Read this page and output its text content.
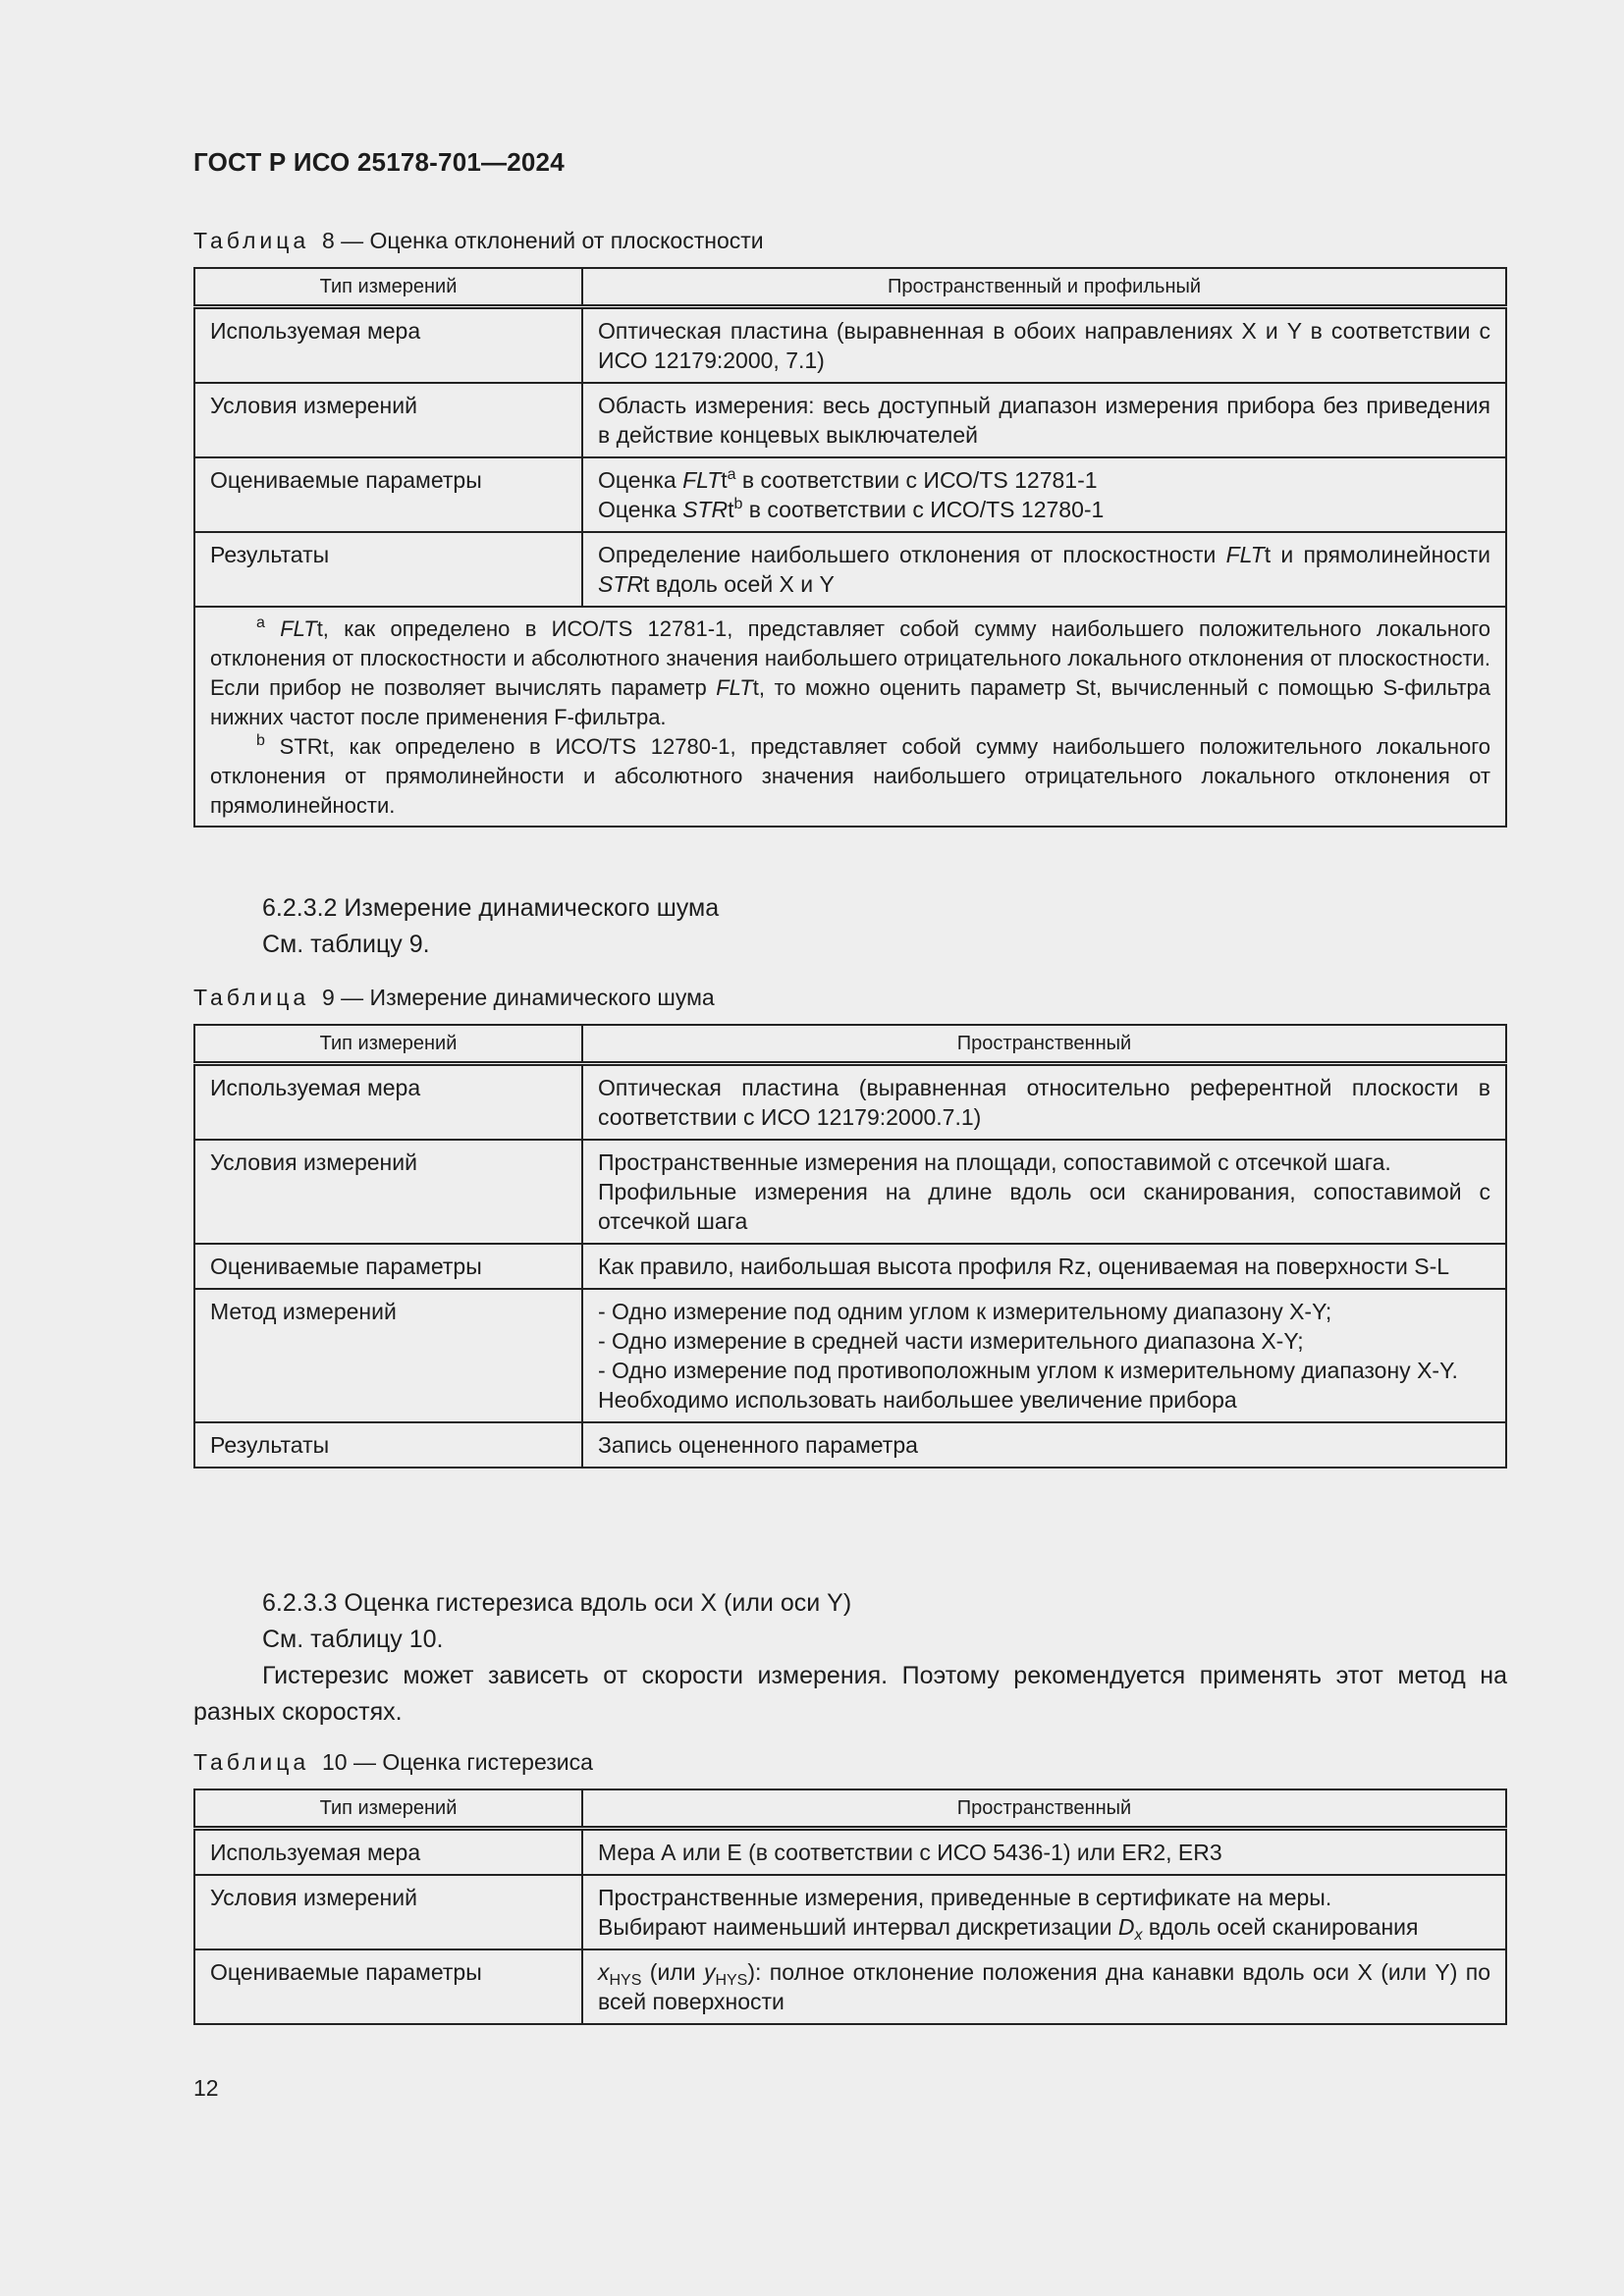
ГОСТ Р ИСО 25178-701—2024
Таблица 8 — Оценка отклонений от плоскостности
Тип измерений	Пространственный и профильный
Используемая мера	Оптическая пластина (выравненная в обоих направлениях X и Y в соответствии с ИСО 12179:2000, 7.1)
Условия измерений	Область измерения: весь доступный диапазон измерения прибора без приведения в действие концевых выключателей
Оцениваемые параметры	Оценка FLTt$^a$ в соответствии с ИСО/TS 12781-1
Оценка STRt$^b$ в соответствии с ИСО/TS 12780-1

Результаты	Определение наибольшего отклонения от плоскостности FLTt и прямолинейности STRt вдоль осей X и Y

$^a$ FLTt, как определено в ИСО/TS 12781-1, представляет собой сумму наибольшего положительного локального отклонения от плоскостности и абсолютного значения наибольшего отрицательного локального отклонения от плоскостности. Если прибор не позволяет вычислять параметр FLTt, то можно оценить параметр St, вычисленный с помощью S-фильтра нижних частот после применения F-фильтра.

$^b$ STRt, как определено в ИСО/TS 12780-1, представляет собой сумму наибольшего положительного локального отклонения от прямолинейности и абсолютного значения наибольшего отрицательного локального отклонения от прямолинейности.	

6.2.3.2 Измерение динамического шума
См. таблицу 9.
Таблица 9 — Измерение динамического шума
Тип измерений	Пространственный
Используемая мера	Оптическая пластина (выравненная относительно референтной плоскости в соответствии с ИСО 12179:2000.7.1)
Условия измерений	Пространственные измерения на площади, сопоставимой с отсечкой шага.
Профильные измерения на длине вдоль оси сканирования, сопоставимой с отсечкой шага

Оцениваемые параметры	Как правило, наибольшая высота профиля Rz, оцениваемая на поверхности S-L
Метод измерений	- Одно измерение под одним углом к измерительному диапазону X-Y;
- Одно измерение в средней части измерительного диапазона X-Y;
- Одно измерение под противоположным углом к измерительному диапазону X-Y.
Необходимо использовать наибольшее увеличение прибора

Результаты	Запись оцененного параметра
6.2.3.3 Оценка гистерезиса вдоль оси X (или оси Y)
См. таблицу 10.
Гистерезис может зависеть от скорости измерения. Поэтому рекомендуется применять этот метод на разных скоростях.
Таблица 10 — Оценка гистерезиса
Тип измерений	Пространственный
Используемая мера	Мера А или Е (в соответствии с ИСО 5436-1) или ER2, ER3
Условия измерений	Пространственные измерения, приведенные в сертификате на меры.
Выбирают наименьший интервал дискретизации $D_x$ вдоль осей сканирования

Оцениваемые параметры	$x_{HYS}$ (или $y_{HYS}$): полное отклонение положения дна канавки вдоль оси X (или Y) по всей поверхности
12
